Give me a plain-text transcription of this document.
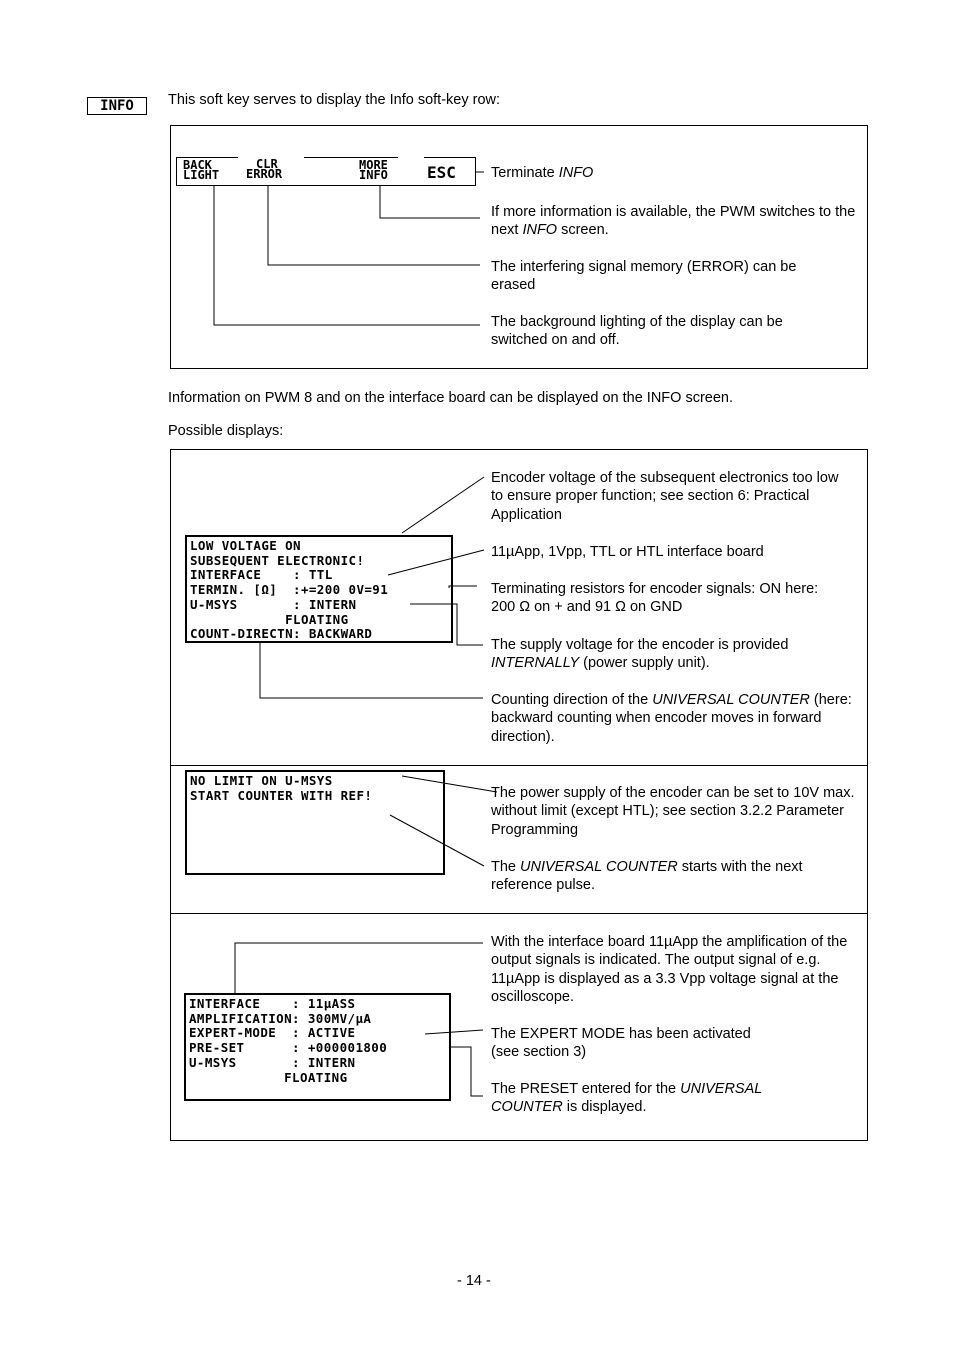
INFO	This soft key serves to display the Info soft-key row:
BACK
LIGHT
CLR
ERROR
MORE
INFO ESC Terminate INFO
If more information is available, the PWM switches to the next INFO screen.
The interfering signal memory (ERROR) can be erased
The background lighting of the display can be switched on and off.
Information on PWM 8 and on the interface board can be displayed on the INFO screen.
Possible displays:
LOW VOLTAGE ON
SUBSEQUENT ELECTRONIC!
INTERFACE    : TTL
TERMIN. [Ω]  :+=200 0V=91
U-MSYS       : INTERN
FLOATING
COUNT-DIRECTN: BACKWARD
Encoder voltage of the subsequent electronics too low to ensure proper function; see section 6: Practical Application
11µApp, 1Vpp, TTL or HTL interface board
Terminating resistors for encoder signals: ON here: 200 Ω on + and 91 Ω on GND
The supply voltage for the encoder is provided INTERNALLY (power supply unit).
Counting direction of the UNIVERSAL COUNTER (here: backward counting when encoder moves in forward direction).
NO LIMIT ON U-MSYS
START COUNTER WITH REF!	The power supply of the encoder can be set to 10V max. without limit (except HTL); see section 3.2.2 Parameter Programming
The UNIVERSAL COUNTER starts with the next reference pulse.
INTERFACE    : 11µASS
AMPLIFICATION: 300MV/µA
EXPERT-MODE  : ACTIVE
PRE-SET      : +000001800
U-MSYS       : INTERN
FLOATING
With the interface board 11µApp the amplification of the output signals is indicated. The output signal of e.g. 11µApp is displayed as a 3.3 Vpp voltage signal at the oscilloscope.
The EXPERT MODE has been activated
(see section 3)
The PRESET entered for the UNIVERSAL COUNTER is displayed.
- 14 -
